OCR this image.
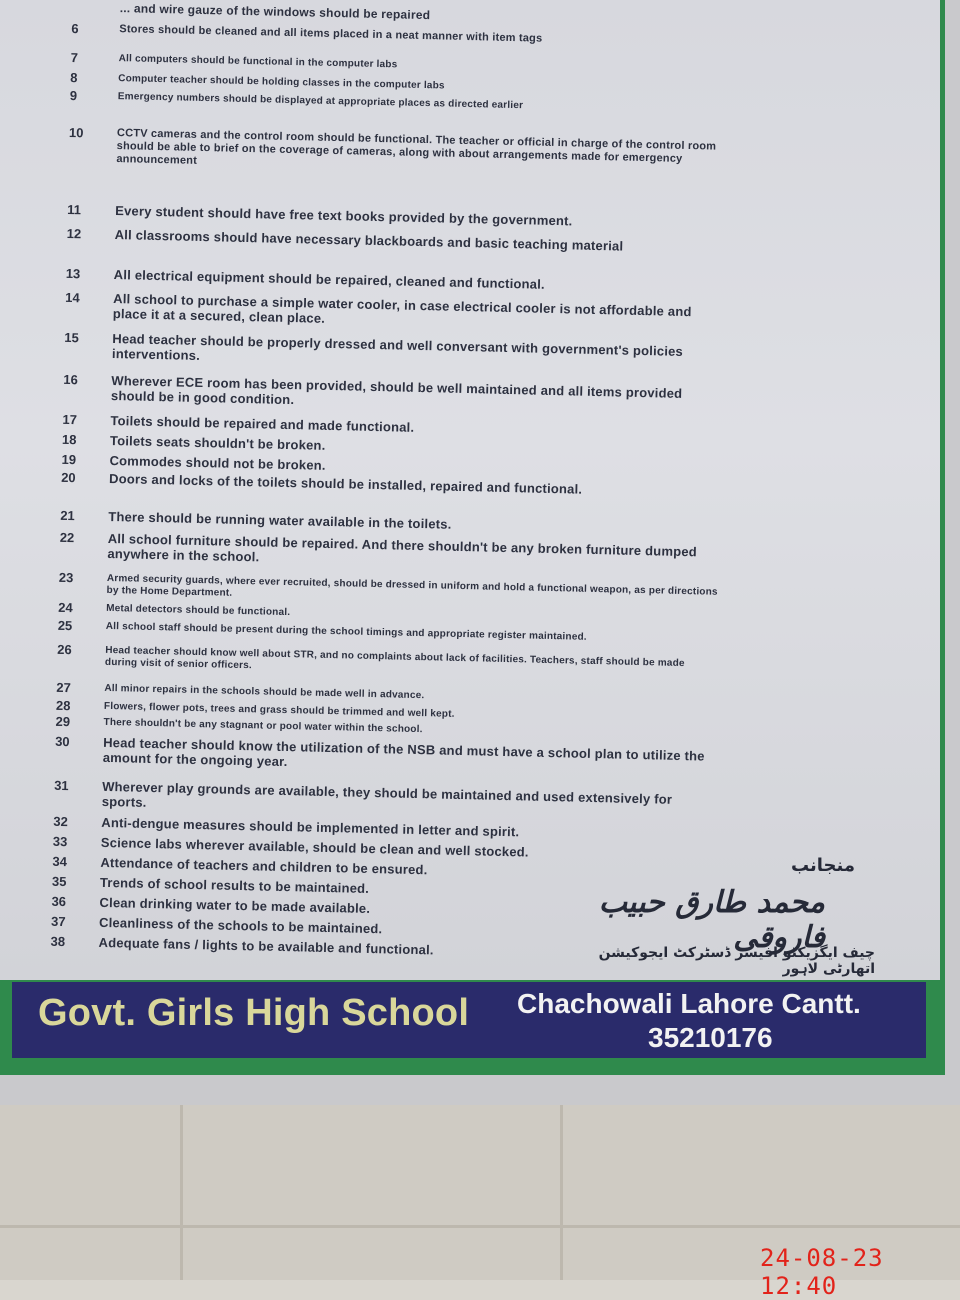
... and wire gauze of the windows should be repaired
6	Stores should be cleaned and all items placed in a neat manner with item tags
7	All computers should be functional in the computer labs
8	Computer teacher should be holding classes in the computer labs
9	Emergency numbers should be displayed at appropriate places as directed earlier
10	CCTV cameras and the control room should be functional. The teacher or official in charge of the control room should be able to brief on the coverage of cameras, along with about arrangements made for emergency announcement
11	Every student should have free text books provided by the government.
12	All classrooms should have necessary blackboards and basic teaching material
13	All electrical equipment should be repaired, cleaned and functional.
14	All school to purchase a simple water cooler, in case electrical cooler is not affordable and place it at a secured, clean place.
15	Head teacher should be properly dressed and well conversant with government's policies interventions.
16	Wherever ECE room has been provided, should be well maintained and all items provided should be in good condition.
17	Toilets should be repaired and made functional.
18	Toilets seats shouldn't be broken.
19	Commodes should not be broken.
20	Doors and locks of the toilets should be installed, repaired and functional.
21	There should be running water available in the toilets.
22	All school furniture should be repaired. And there shouldn't be any broken furniture dumped anywhere in the school.
23	Armed security guards, where ever recruited, should be dressed in uniform and hold a functional weapon, as per directions by the Home Department.
24	Metal detectors should be functional.
25	All school staff should be present during the school timings and appropriate register maintained.
26	Head teacher should know well about STR, and no complaints about lack of facilities. Teachers, staff should be made during visit of senior officers.
27	All minor repairs in the schools should be made well in advance.
28	Flowers, flower pots, trees and grass should be trimmed and well kept.
29	There shouldn't be any stagnant or pool water within the school.
30	Head teacher should know the utilization of the NSB and must have a school plan to utilize the amount for the ongoing year.
31	Wherever play grounds are available, they should be maintained and used extensively for sports.
32	Anti-dengue measures should be implemented in letter and spirit.
33	Science labs wherever available, should be clean and well stocked.
34	Attendance of teachers and children to be ensured.
35	Trends of school results to be maintained.
36	Clean drinking water to be made available.
37	Cleanliness of the schools to be maintained.
38	Adequate fans / lights to be available and functional.
منجانب
محمد طارق حبیب فاروقی
چیف ایگزیکٹو افیسر ڈسٹرکٹ ایجوکیشن اتھارٹی لاہور
Govt. Girls High School Chachowali Lahore Cantt.
35210176
24-08-23 12:40
